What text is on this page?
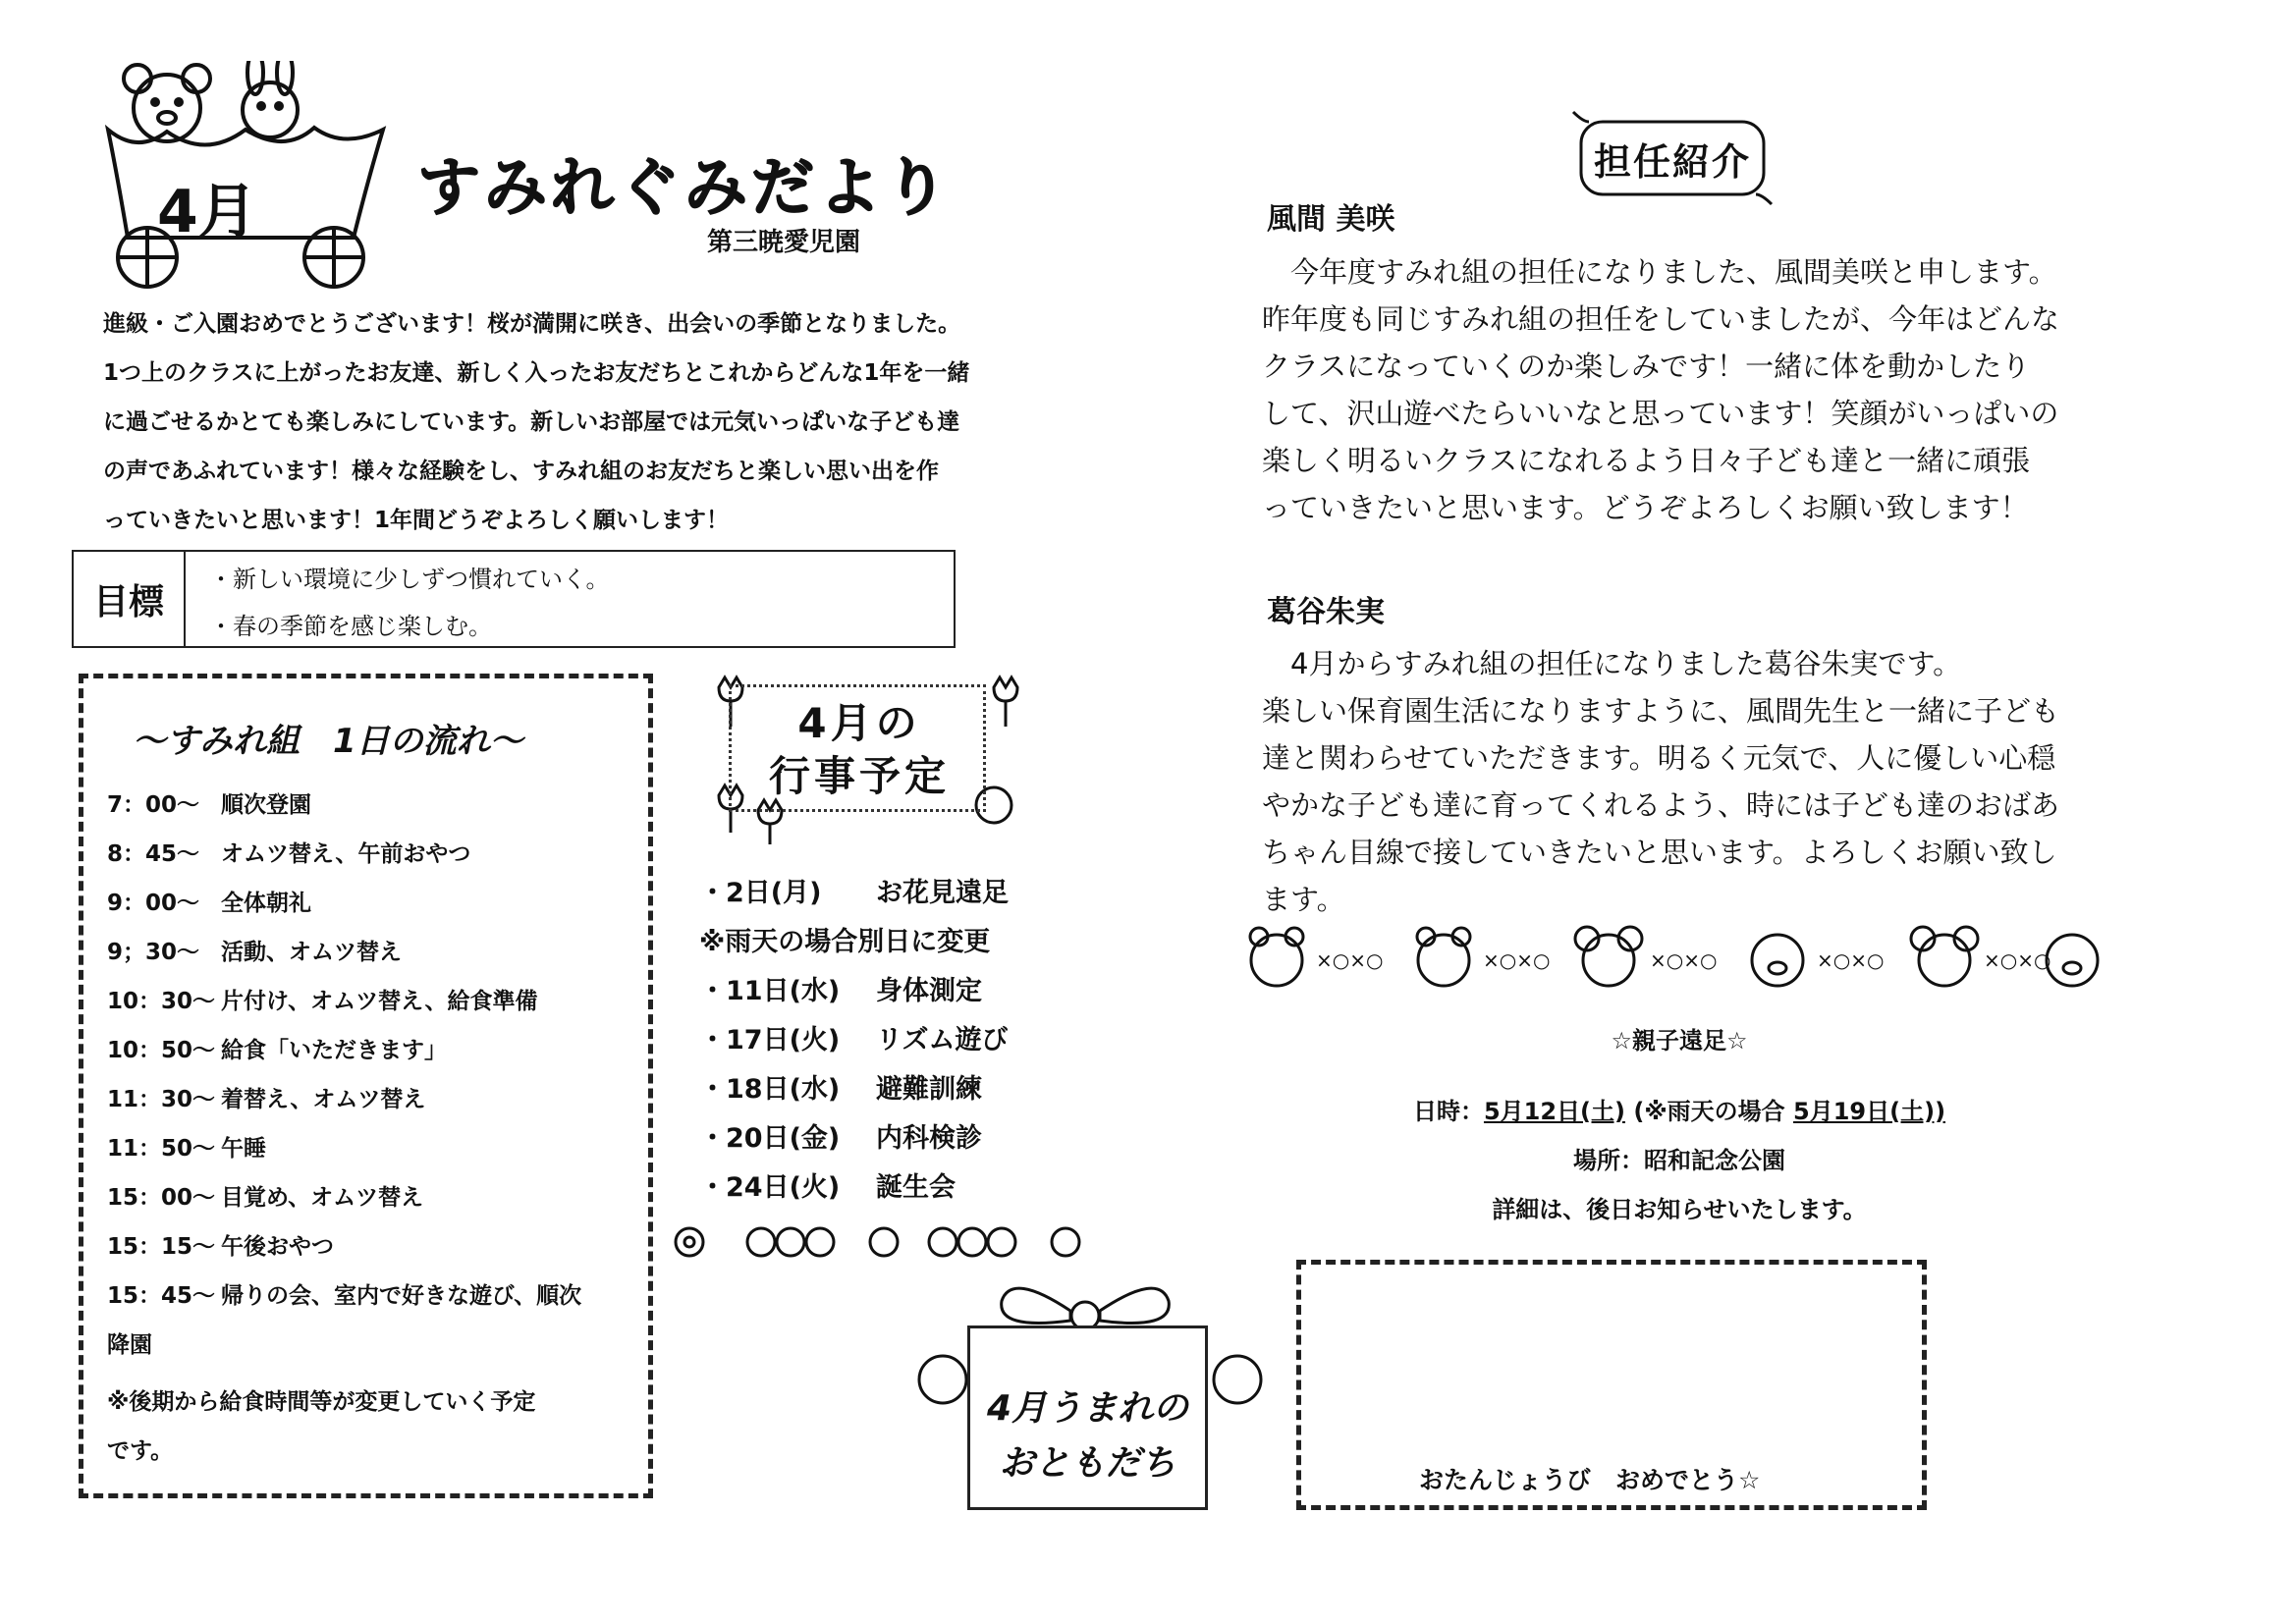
4月	すみれぐみだより
第三暁愛児園

進級・ご入園おめでとうございます！桜が満開に咲き、出会いの季節となりました。

1つ上のクラスに上がったお友達、新しく入ったお友だちとこれからどんな1年を一緒

に過ごせるかとても楽しみにしています。新しいお部屋では元気いっぱいな子ども達

の声であふれています！様々な経験をし、すみれ組のお友だちと楽しい思い出を作

っていきたいと思います！1年間どうぞよろしく願いします！

目標
・新しい環境に少しずつ慣れていく。
・春の季節を感じ楽しむ。
～すみれ組　1日の流れ～
7：00～ 順次登園
8：45～ オムツ替え、午前おやつ
9：00～ 全体朝礼
9；30～ 活動、オムツ替え
10：30～ 片付け、オムツ替え、給食準備
10：50～ 給食「いただきます」
11：30～ 着替え、オムツ替え
11：50～ 午睡
15：00～ 目覚め、オムツ替え
15：15～ 午後おやつ
15：45～ 帰りの会、室内で好きな遊び、順次
降園
※後期から給食時間等が変更していく予定
です。
4月の
行事予定
・2日(月) お花見遠足
※雨天の場合別日に変更
・11日(水) 身体測定
・17日(火) リズム遊び
・18日(水) 避難訓練
・20日(金) 内科検診
・24日(火) 誕生会
4月うまれの
おともだち
担任紹介
風間 美咲

　今年度すみれ組の担任になりました、風間美咲と申します。

昨年度も同じすみれ組の担任をしていましたが、今年はどんな

クラスになっていくのか楽しみです！一緒に体を動かしたり

して、沢山遊べたらいいなと思っています！笑顔がいっぱいの

楽しく明るいクラスになれるよう日々子ども達と一緒に頑張

っていきたいと思います。どうぞよろしくお願い致します！

葛谷朱実

　4月からすみれ組の担任になりました葛谷朱実です。

楽しい保育園生活になりますように、風間先生と一緒に子ども

達と関わらせていただきます。明るく元気で、人に優しい心穏

やかな子ども達に育ってくれるよう、時には子ども達のおばあ

ちゃん目線で接していきたいと思います。よろしくお願い致し

ます。

×○×○	×○×○	×○×○	×○×○	×○×○
☆親子遠足☆
日時：5月12日(土) (※雨天の場合 5月19日(土))
場所：昭和記念公園
詳細は、後日お知らせいたします。
おたんじょうび　おめでとう☆
